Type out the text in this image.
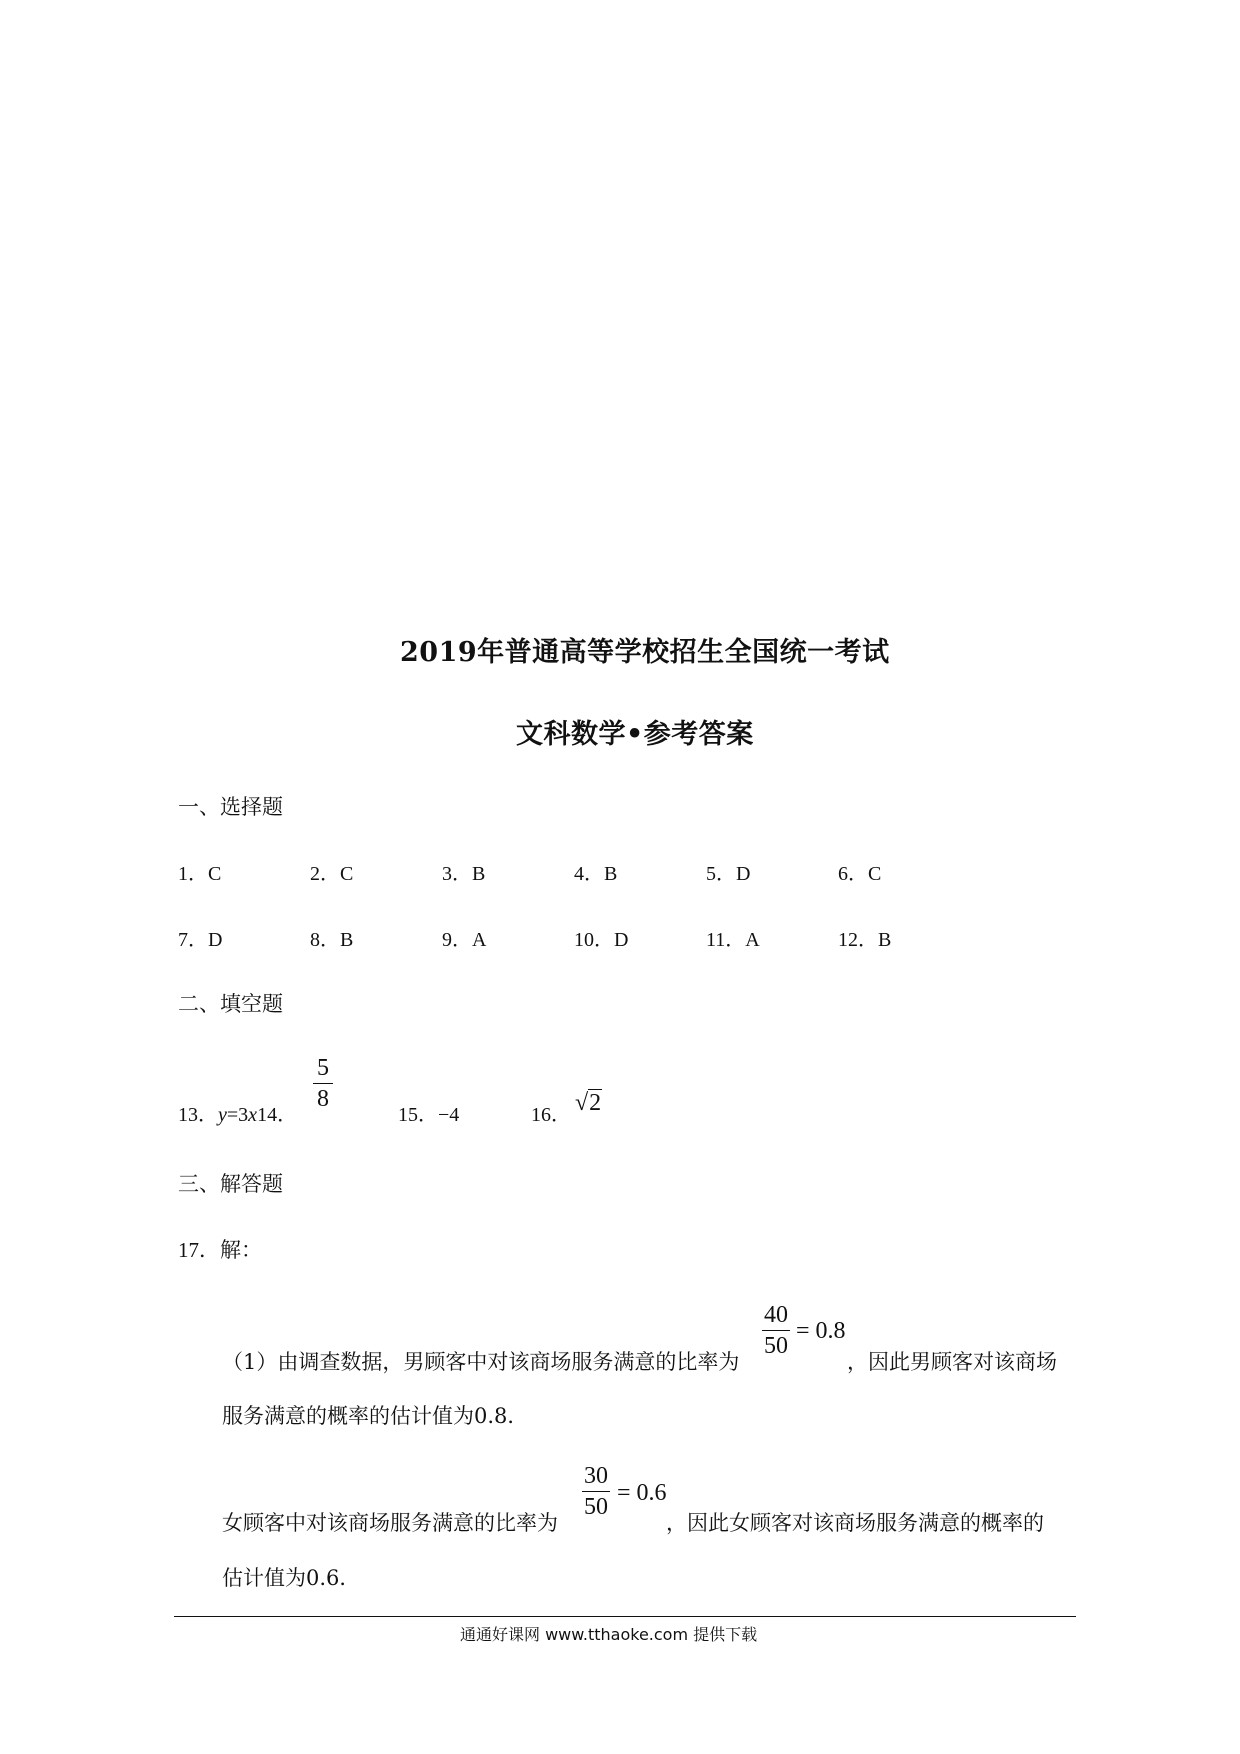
2019年普通高等学校招生全国统一考试
文科数学•参考答案
一、选择题
1．C	2．C	3．B	4．B	5．D	6．C
7．D	8．B	9．A	10．D	11．A	12．B
二、填空题
13．y=3x14．
5
8
15．−4	16． √2
三、解答题
17．解：
（1）由调查数据，男顾客中对该商场服务满意的比率为
40
50
= 0.8
，因此男顾客对该商场
服务满意的概率的估计值为0.8．
女顾客中对该商场服务满意的比率为
30
50
= 0.6
，因此女顾客对该商场服务满意的概率的
估计值为0.6．
通通好课网 www.tthaoke.com 提供下载
